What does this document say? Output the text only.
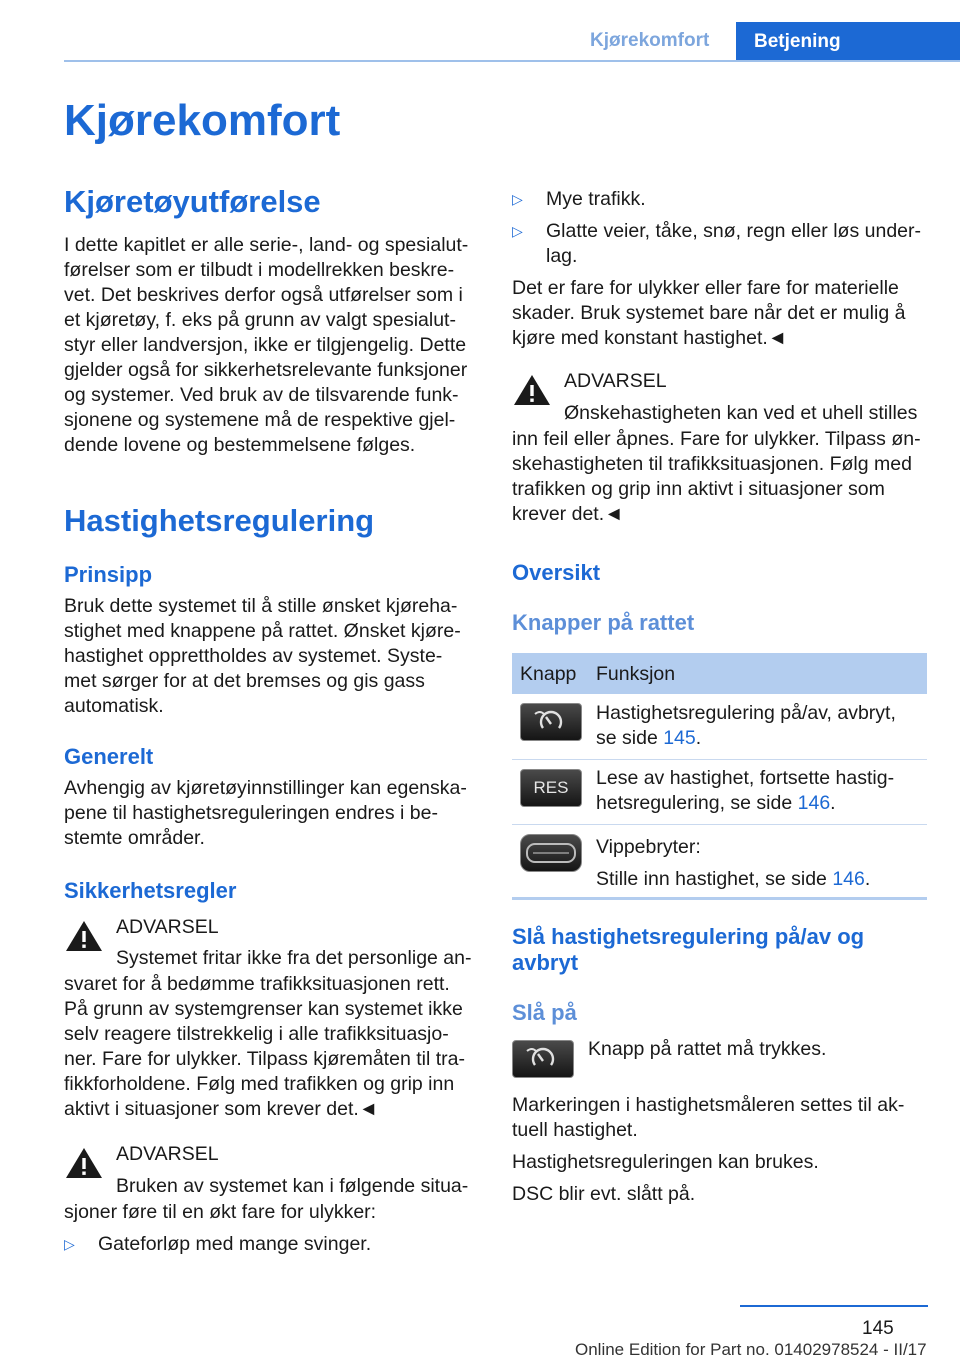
Kjørekomfort	Betjening
Kjørekomfort
Kjøretøyutførelse

I dette kapitlet er alle serie-, land- og spesialut-
førelser som er tilbudt i modellrekken beskre-
vet. Det beskrives derfor også utførelser som i
et kjøretøy, f. eks på grunn av valgt spesialut-
styr eller landversjon, ikke er tilgjengelig. Dette
gjelder også for sikkerhetsrelevante funksjoner
og systemer. Ved bruk av de tilsvarende funk-
sjonene og systemene må de respektive gjel-
dende lovene og bestemmelsene følges.

Hastighetsregulering
Prinsipp

Bruk dette systemet til å stille ønsket kjøreha-
stighet med knappene på rattet. Ønsket kjøre-
hastighet opprettholdes av systemet. Syste-
met sørger for at det bremses og gis gass
automatisk.

Generelt

Avhengig av kjøretøyinnstillinger kan egenska-
pene til hastighetsreguleringen endres i be-
stemte områder.

Sikkerhetsregler
ADVARSEL
Systemet fritar ikke fra det personlige an-

svaret for å bedømme trafikksituasjonen rett.
På grunn av systemgrenser kan systemet ikke
selv reagere tilstrekkelig i alle trafikksituasjo-
ner. Fare for ulykker. Tilpass kjøremåten til tra-
fikkforholdene. Følg med trafikken og grip inn
aktivt i situasjoner som krever det.◄

ADVARSEL
Bruken av systemet kan i følgende situa-

sjoner føre til en økt fare for ulykker:

▷ Gateforløp med mange svinger.
▷ Mye trafikk.
▷ Glatte veier, tåke, snø, regn eller løs under-
lag.

Det er fare for ulykker eller fare for materielle
skader. Bruk systemet bare når det er mulig å
kjøre med konstant hastighet.◄

ADVARSEL
Ønskehastigheten kan ved et uhell stilles

inn feil eller åpnes. Fare for ulykker. Tilpass øn-
skehastigheten til trafikksituasjonen. Følg med
trafikken og grip inn aktivt i situasjoner som
krever det.◄

Oversikt
Knapper på rattet
Knapp Funksjon
Hastighetsregulering på/av, avbryt,
se side 145.
RES	Lese av hastighet, fortsette hastig-
hetsregulering, se side 146.
Vippebryter:
Stille inn hastighet, se side 146.
Slå hastighetsregulering på/av og
avbryt
Slå på
Knapp på rattet må trykkes.

Markeringen i hastighetsmåleren settes til ak-
tuell hastighet.

Hastighetsreguleringen kan brukes.

DSC blir evt. slått på.

145
Online Edition for Part no. 01402978524 - II/17
